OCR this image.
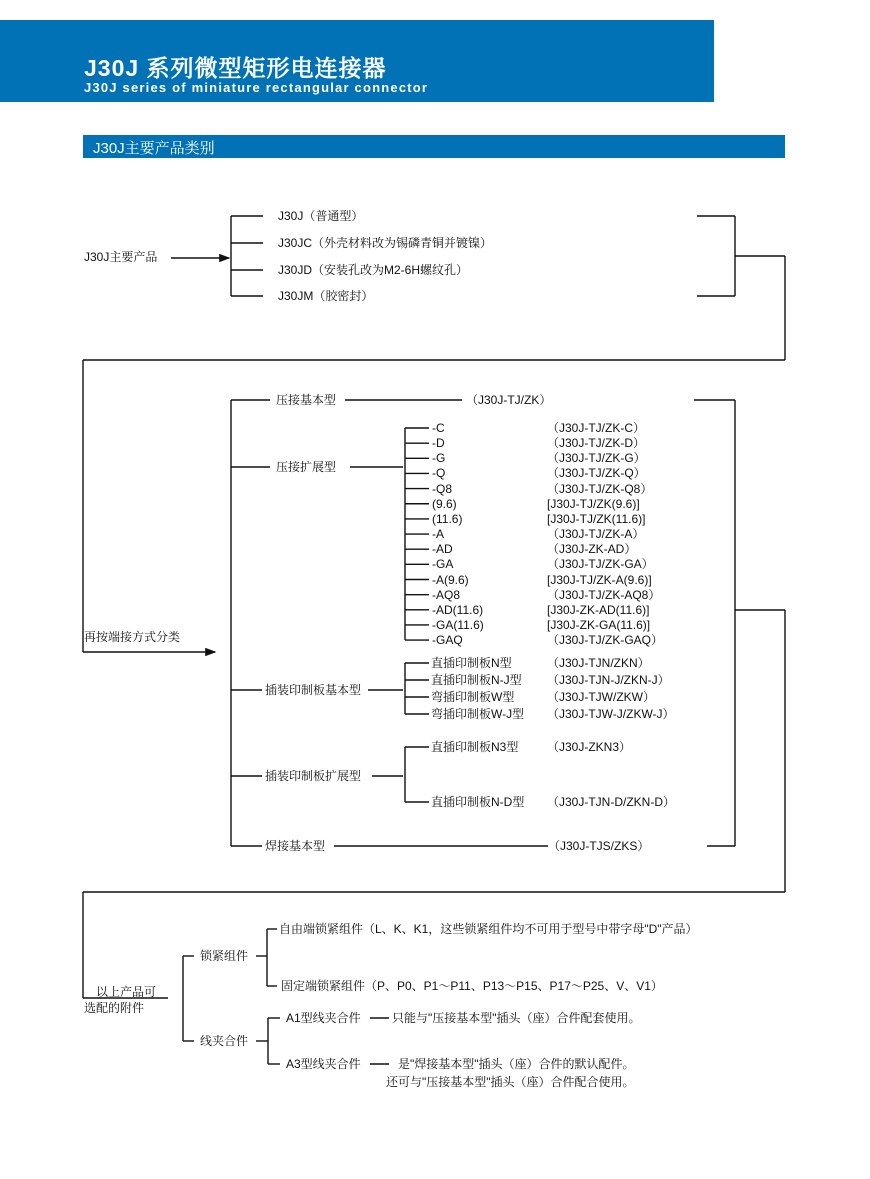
J30J 系列微型矩形电连接器
J30J series of miniature rectangular connector
J30J主要产品类别
J30J主要产品
J30J（普通型）
J30JC（外壳材料改为锡磷青铜并镀镍）
J30JD（安装孔改为M2-6H螺纹孔）
J30JM（胶密封）
再按端接方式分类
压接基本型	（J30J-TJ/ZK）
压接扩展型
-C	（J30J-TJ/ZK-C）
-D	（J30J-TJ/ZK-D）
-G	（J30J-TJ/ZK-G）
-Q	（J30J-TJ/ZK-Q）
-Q8	（J30J-TJ/ZK-Q8）
(9.6)	[J30J-TJ/ZK(9.6)]
(11.6)	[J30J-TJ/ZK(11.6)]
-A	（J30J-TJ/ZK-A）
-AD	（J30J-ZK-AD）
-GA	（J30J-TJ/ZK-GA）
-A(9.6)	[J30J-TJ/ZK-A(9.6)]
-AQ8	（J30J-TJ/ZK-AQ8）
-AD(11.6)	[J30J-ZK-AD(11.6)]
-GA(11.6)	[J30J-ZK-GA(11.6)]
-GAQ	（J30J-TJ/ZK-GAQ）
插装印制板基本型
直插印制板N型	（J30J-TJN/ZKN）
直插印制板N-J型 （J30J-TJN-J/ZKN-J）
弯插印制板W型	（J30J-TJW/ZKW）
弯插印制板W-J型 （J30J-TJW-J/ZKW-J）
插装印制板扩展型
直插印制板N3型 （J30J-ZKN3）
直插印制板N-D型 （J30J-TJN-D/ZKN-D）
焊接基本型	（J30J-TJS/ZKS）
以上产品可
选配的附件
锁紧组件
自由端锁紧组件（L、K、K1，这些锁紧组件均不可用于型号中带字母"D"产品）
固定端锁紧组件（P、P0、P1～P11、P13～P15、P17～P25、V、V1）
线夹合件
A1型线夹合件	只能与"压接基本型"插头（座）合件配套使用。
A3型线夹合件	是"焊接基本型"插头（座）合件的默认配件。
还可与"压接基本型"插头（座）合件配合使用。
